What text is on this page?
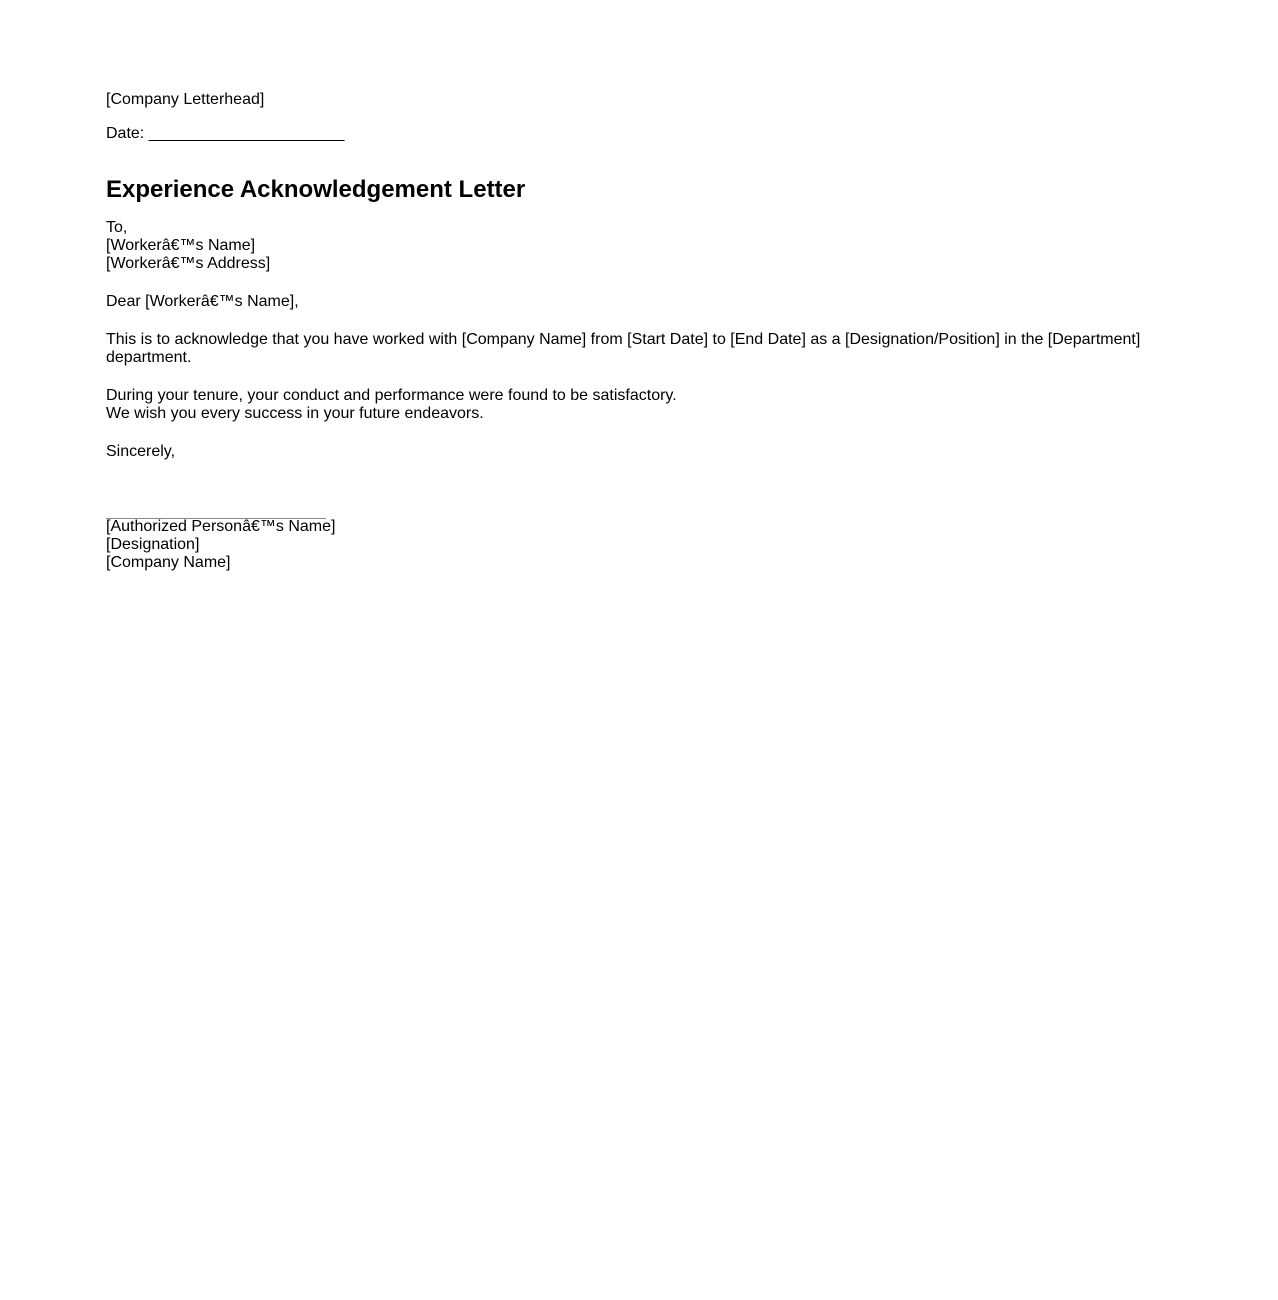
[Company Letterhead]
Date: ______________________
Experience Acknowledgement Letter
To,
[Workerâ€™s Name]
[Workerâ€™s Address]
Dear [Workerâ€™s Name],
This is to acknowledge that you have worked with [Company Name] from [Start Date] to [End Date] as a [Designation/Position] in the [Department] department.
During your tenure, your conduct and performance were found to be satisfactory.
We wish you every success in your future endeavors.
Sincerely,
[Authorized Personâ€™s Name]
[Designation]
[Company Name]
